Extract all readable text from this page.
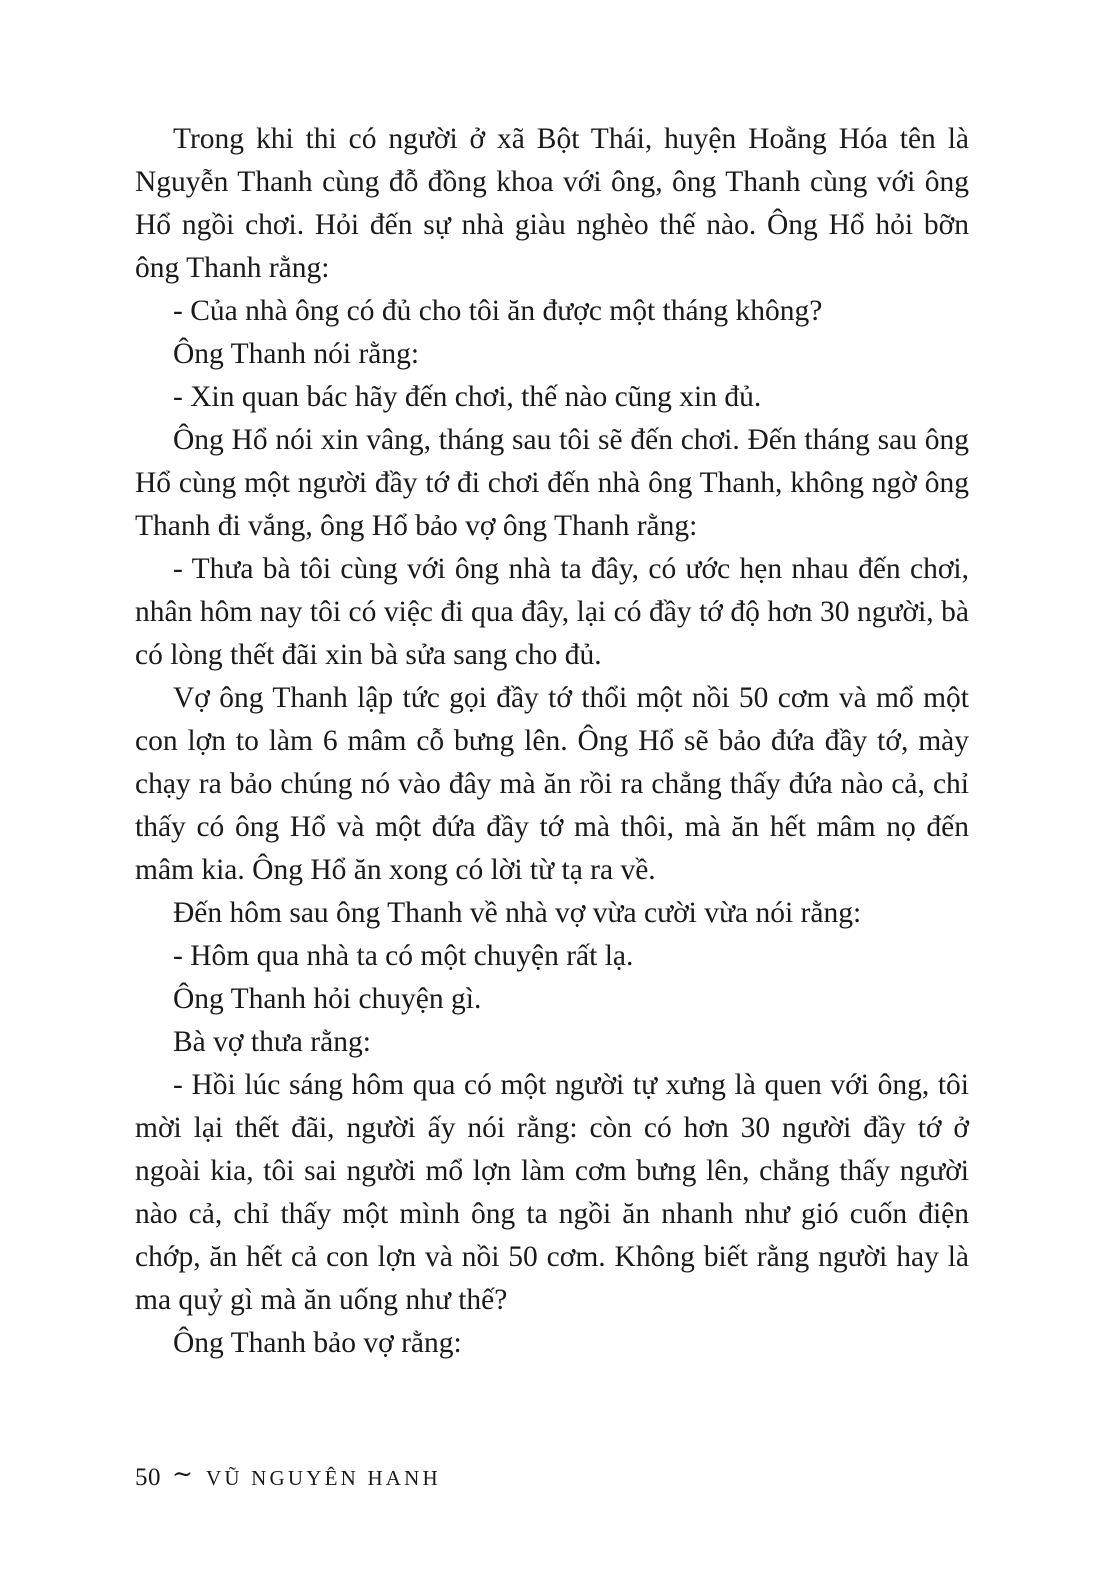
Trong khi thi có người ở xã Bột Thái, huyện Hoằng Hóa tên là Nguyễn Thanh cùng đỗ đồng khoa với ông, ông Thanh cùng với ông Hổ ngồi chơi. Hỏi đến sự nhà giàu nghèo thế nào. Ông Hổ hỏi bỡn ông Thanh rằng:

- Của nhà ông có đủ cho tôi ăn được một tháng không?

Ông Thanh nói rằng:

- Xin quan bác hãy đến chơi, thế nào cũng xin đủ.

Ông Hổ nói xin vâng, tháng sau tôi sẽ đến chơi. Đến tháng sau ông Hổ cùng một người đầy tớ đi chơi đến nhà ông Thanh, không ngờ ông Thanh đi vắng, ông Hổ bảo vợ ông Thanh rằng:

- Thưa bà tôi cùng với ông nhà ta đây, có ước hẹn nhau đến chơi, nhân hôm nay tôi có việc đi qua đây, lại có đầy tớ độ hơn 30 người, bà có lòng thết đãi xin bà sửa sang cho đủ.

Vợ ông Thanh lập tức gọi đầy tớ thổi một nồi 50 cơm và mổ một con lợn to làm 6 mâm cỗ bưng lên. Ông Hổ sẽ bảo đứa đầy tớ, mày chạy ra bảo chúng nó vào đây mà ăn rồi ra chẳng thấy đứa nào cả, chỉ thấy có ông Hổ và một đứa đầy tớ mà thôi, mà ăn hết mâm nọ đến mâm kia. Ông Hổ ăn xong có lời từ tạ ra về.

Đến hôm sau ông Thanh về nhà vợ vừa cười vừa nói rằng:

- Hôm qua nhà ta có một chuyện rất lạ.

Ông Thanh hỏi chuyện gì.

Bà vợ thưa rằng:

- Hồi lúc sáng hôm qua có một người tự xưng là quen với ông, tôi mời lại thết đãi, người ấy nói rằng: còn có hơn 30 người đầy tớ ở ngoài kia, tôi sai người mổ lợn làm cơm bưng lên, chẳng thấy người nào cả, chỉ thấy một mình ông ta ngồi ăn nhanh như gió cuốn điện chớp, ăn hết cả con lợn và nồi 50 cơm. Không biết rằng người hay là ma quỷ gì mà ăn uống như thế?

Ông Thanh bảo vợ rằng:

50 ∼ VŨ NGUYÊN HANH
